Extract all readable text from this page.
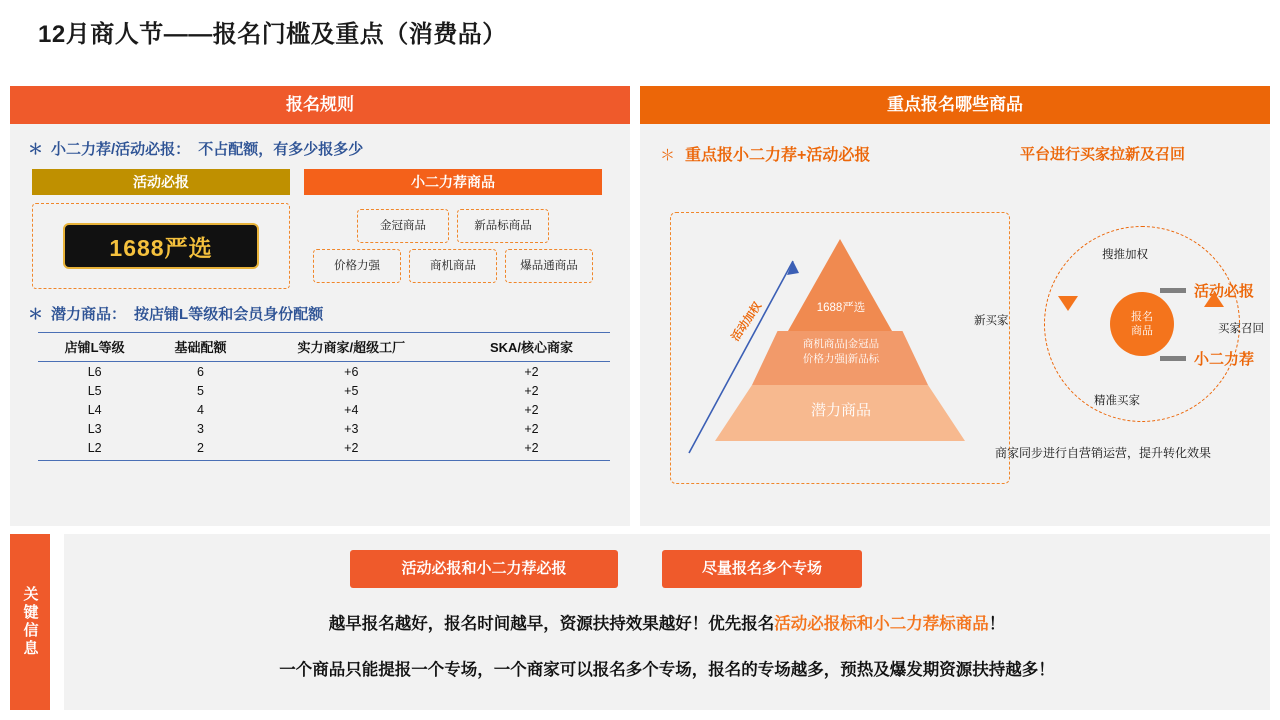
12月商人节——报名门槛及重点（消费品）
报名规则
＊ 小二力荐/活动必报： 不占配额，有多少报多少
活动必报	小二力荐商品
1688严选
金冠商品	新品标商品
价格力强	商机商品	爆品通商品
＊ 潜力商品： 按店铺L等级和会员身份配额
店铺L等级	基础配额	实力商家/超级工厂	SKA/核心商家
L6	6	+6	+2
L5	5	+5	+2
L4	4	+4	+2
L3	3	+3	+2
L2	2	+2	+2
重点报名哪些商品
＊ 重点报小二力荐+活动必报	平台进行买家拉新及召回
1688严选
商机商品|金冠品
价格力强|新品标
潜力商品
活动加权
活动必报
小二力荐
报名
商品
搜推加权
精准买家
新买家
买家召回
商家同步进行自营销运营，提升转化效果
关键信息
活动必报和小二力荐必报	尽量报名多个专场
越早报名越好，报名时间越早，资源扶持效果越好！优先报名活动必报标和小二力荐标商品！
一个商品只能提报一个专场，一个商家可以报名多个专场，报名的专场越多，预热及爆发期资源扶持越多！
